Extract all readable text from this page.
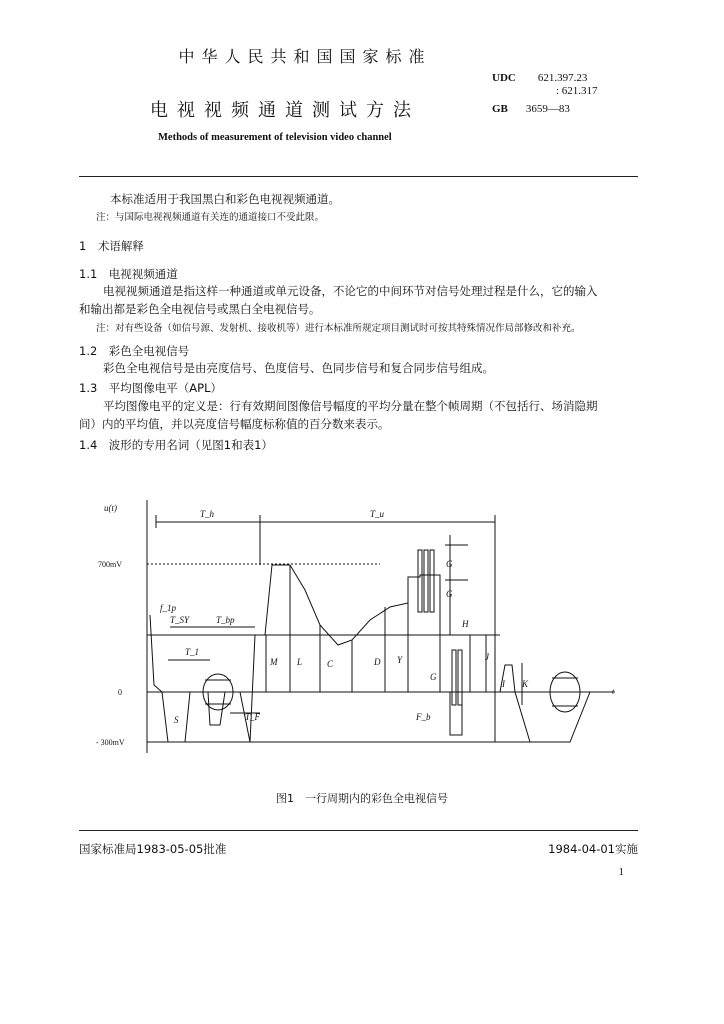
中华人民共和国国家标准
UDC 621.397.23
: 621.317
电视视频通道测试方法	GB 3659—83
Methods of measurement of television video channel
本标准适用于我国黑白和彩色电视视频通道。
注：与国际电视视频通道有关连的通道接口不受此限。
1　术语解释
1.1　电视视频通道
电视视频通道是指这样一种通道或单元设备，不论它的中间环节对信号处理过程是什么，它的输入
和输出都是彩色全电视信号或黑白全电视信号。
注：对有些设备（如信号源、发射机、接收机等）进行本标准所规定项目测试时可按其特殊情况作局部修改和补充。
1.2　彩色全电视信号
彩色全电视信号是由亮度信号、色度信号、色同步信号和复合同步信号组成。
1.3　平均图像电平（APL）
平均图像电平的定义是：行有效期间图像信号幅度的平均分量在整个帧周期（不包括行、场消隐期
间）内的平均值，并以亮度信号幅度标称值的百分数来表示。
1.4　波形的专用名词（见图1和表1）
u(t)
700mV
0
- 300mV
t
T_h	T_u
f_1p
T_SY	T_bp
T_1
T_F
M L	C	D Y
G
G
H
J
G
F_b
I K
S
图1　一行周期内的彩色全电视信号
国家标准局1983-05-05批准	1984-04-01实施
1
